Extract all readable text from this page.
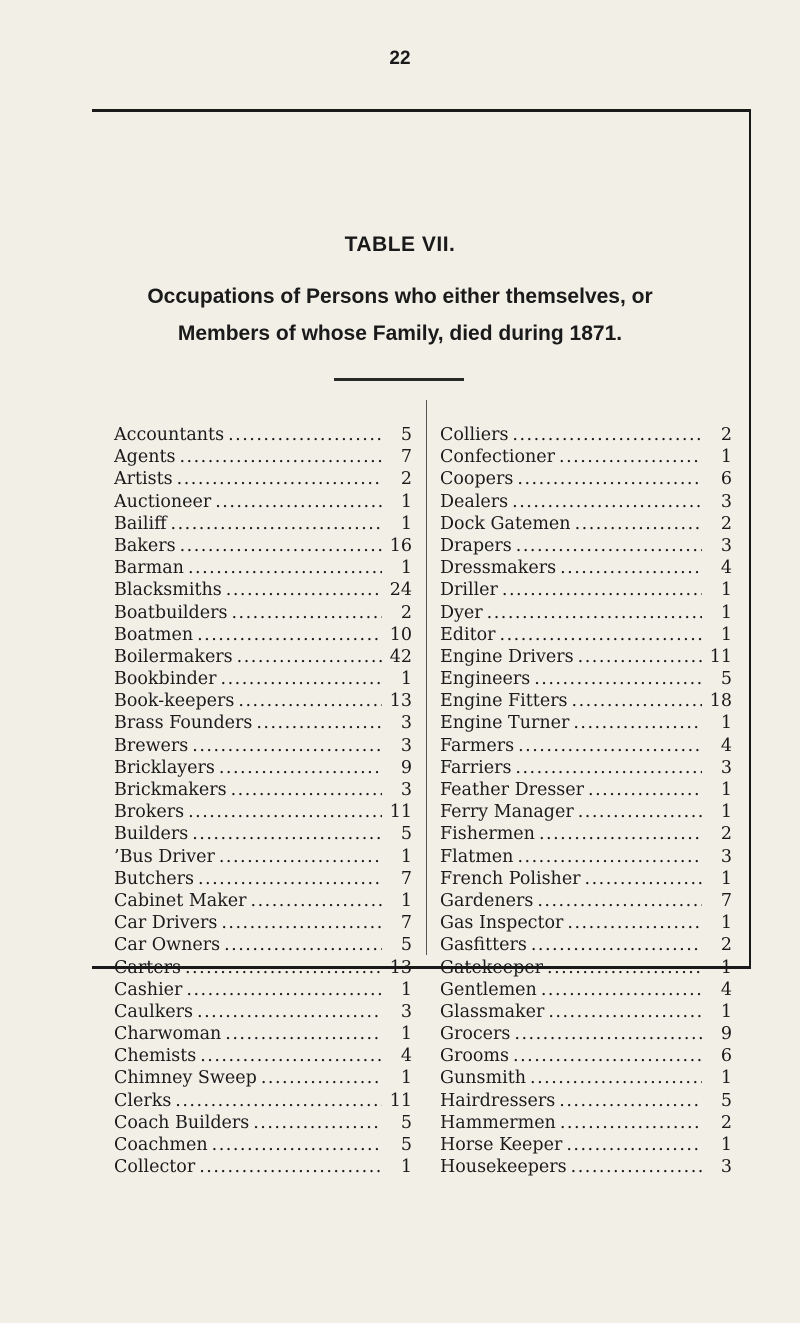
22
TABLE VII.
Occupations of Persons who either themselves, or
Members of whose Family, died during 1871.
Accountants .....	5
Agents .....	7
Artists .....	2
Auctioneer .....	1
Bailiff .....	1
Bakers .....	16
Barman .....	1
Blacksmiths .....	24
Boatbuilders .....	2
Boatmen .....	10
Boilermakers .....	42
Bookbinder .....	1
Book-keepers .....	13
Brass Founders .....	3
Brewers .....	3
Bricklayers .....	9
Brickmakers .....	3
Brokers .....	11
Builders .....	5
’Bus Driver .....	1
Butchers .....	7
Cabinet Maker .....	1
Car Drivers .....	7
Car Owners .....	5
Carters .....	13
Cashier .....	1
Caulkers .....	3
Charwoman .....	1
Chemists .....	4
Chimney Sweep .....	1
Clerks .....	11
Coach Builders .....	5
Coachmen .....	5
Collector .....	1
Colliers .....	2
Confectioner .....	1
Coopers .....	6
Dealers .....	3
Dock Gatemen .....	2
Drapers .....	3
Dressmakers .....	4
Driller .....	1
Dyer .....	1
Editor .....	1
Engine Drivers .....	11
Engineers .....	5
Engine Fitters .....	18
Engine Turner .....	1
Farmers .....	4
Farriers .....	3
Feather Dresser .....	1
Ferry Manager .....	1
Fishermen .....	2
Flatmen .....	3
French Polisher .....	1
Gardeners .....	7
Gas Inspector .....	1
Gasfitters .....	2
Gatekeeper .....	1
Gentlemen .....	4
Glassmaker .....	1
Grocers .....	9
Grooms .....	6
Gunsmith .....	1
Hairdressers .....	5
Hammermen .....	2
Horse Keeper .....	1
Housekeepers .....	3
